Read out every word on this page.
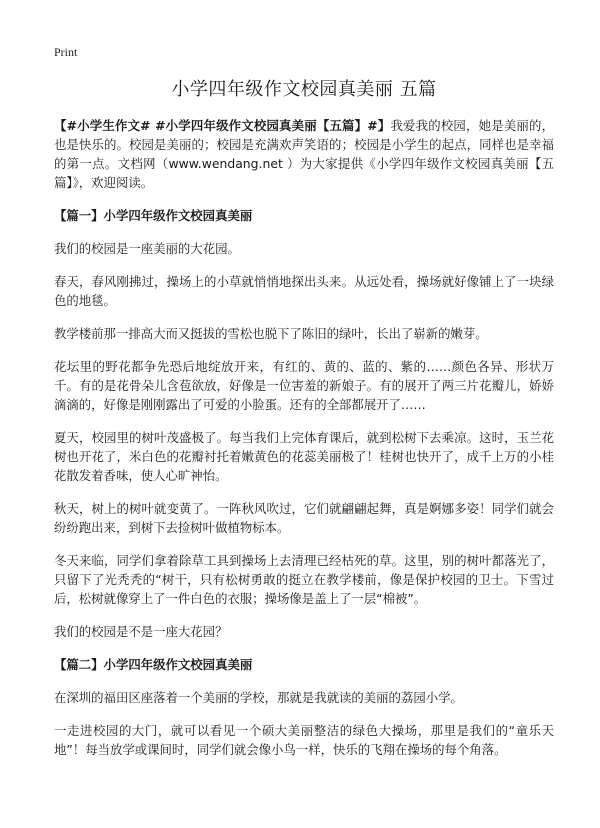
Print
小学四年级作文校园真美丽 五篇

【#小学生作文# #小学四年级作文校园真美丽【五篇】#】我爱我的校园，她是美丽的，也是快乐的。校园是美丽的；校园是充满欢声笑语的；校园是小学生的起点，同样也是幸福的第一点。文档网（www.wendang.net ）为大家提供《小学四年级作文校园真美丽【五篇】》，欢迎阅读。

【篇一】小学四年级作文校园真美丽

我们的校园是一座美丽的大花园。

春天，春风刚拂过，操场上的小草就悄悄地探出头来。从远处看，操场就好像铺上了一块绿色的地毯。

教学楼前那一排高大而又挺拔的雪松也脱下了陈旧的绿叶，长出了崭新的嫩芽。

花坛里的野花都争先恐后地绽放开来，有红的、黄的、蓝的、紫的……颜色各异、形状万千。有的是花骨朵儿含苞欲放，好像是一位害羞的新娘子。有的展开了两三片花瓣儿，娇娇滴滴的，好像是刚刚露出了可爱的小脸蛋。还有的全部都展开了……

夏天，校园里的树叶茂盛极了。每当我们上完体育课后，就到松树下去乘凉。这时，玉兰花树也开花了，米白色的花瓣衬托着嫩黄色的花蕊美丽极了！桂树也快开了，成千上万的小桂花散发着香味，使人心旷神怡。

秋天，树上的树叶就变黄了。一阵秋风吹过，它们就翩翩起舞，真是婀娜多姿！同学们就会纷纷跑出来，到树下去捡树叶做植物标本。

冬天来临，同学们拿着除草工具到操场上去清理已经枯死的草。这里，别的树叶都落光了，只留下了光秃秃的“树干，只有松树勇敢的挺立在教学楼前，像是保护校园的卫士。下雪过后，松树就像穿上了一件白色的衣服；操场像是盖上了一层“棉被”。

我们的校园是不是一座大花园？

【篇二】小学四年级作文校园真美丽

在深圳的福田区座落着一个美丽的学校，那就是我就读的美丽的荔园小学。

一走进校园的大门，就可以看见一个硕大美丽整洁的绿色大操场，那里是我们的“童乐天地”！每当放学或课间时，同学们就会像小鸟一样，快乐的飞翔在操场的每个角落。
